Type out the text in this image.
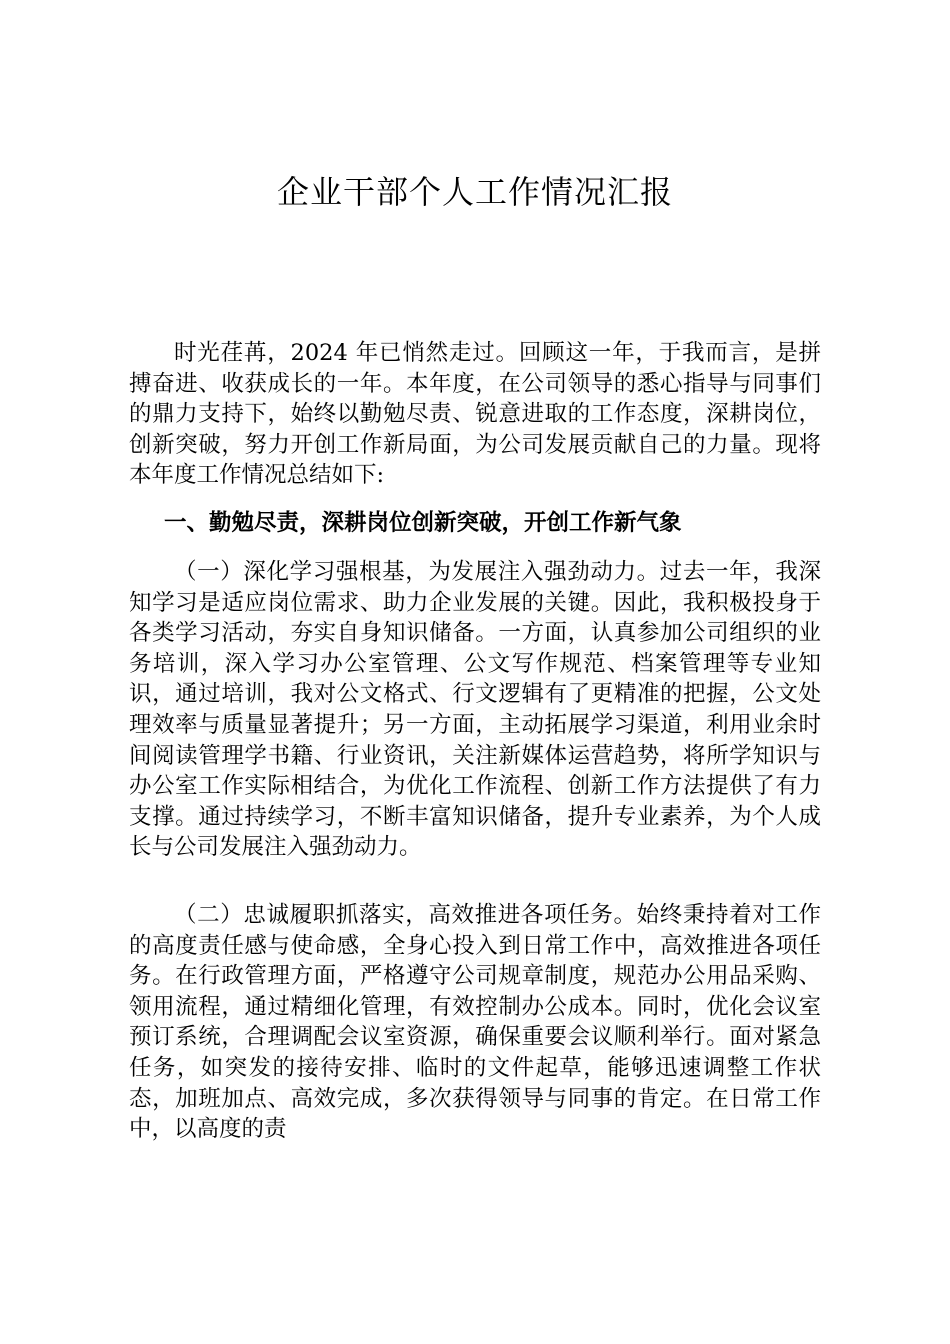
企业干部个人工作情况汇报

时光荏苒，2024 年已悄然走过。回顾这一年，于我而言，是拼搏奋进、收获成长的一年。本年度，在公司领导的悉心指导与同事们的鼎力支持下，始终以勤勉尽责、锐意进取的工作态度，深耕岗位，创新突破，努力开创工作新局面，为公司发展贡献自己的力量。现将本年度工作情况总结如下:

一、勤勉尽责，深耕岗位创新突破，开创工作新气象

（一）深化学习强根基，为发展注入强劲动力。过去一年，我深知学习是适应岗位需求、助力企业发展的关键。因此，我积极投身于各类学习活动，夯实自身知识储备。一方面，认真参加公司组织的业务培训，深入学习办公室管理、公文写作规范、档案管理等专业知识，通过培训，我对公文格式、行文逻辑有了更精准的把握，公文处理效率与质量显著提升；另一方面，主动拓展学习渠道，利用业余时间阅读管理学书籍、行业资讯，关注新媒体运营趋势，将所学知识与办公室工作实际相结合，为优化工作流程、创新工作方法提供了有力支撑。通过持续学习，不断丰富知识储备，提升专业素养，为个人成长与公司发展注入强劲动力。

（二）忠诚履职抓落实，高效推进各项任务。始终秉持着对工作的高度责任感与使命感，全身心投入到日常工作中，高效推进各项任务。在行政管理方面，严格遵守公司规章制度，规范办公用品采购、领用流程，通过精细化管理，有效控制办公成本。同时，优化会议室预订系统，合理调配会议室资源，确保重要会议顺利举行。面对紧急任务，如突发的接待安排、临时的文件起草，能够迅速调整工作状态，加班加点、高效完成，多次获得领导与同事的肯定。在日常工作中，以高度的责
